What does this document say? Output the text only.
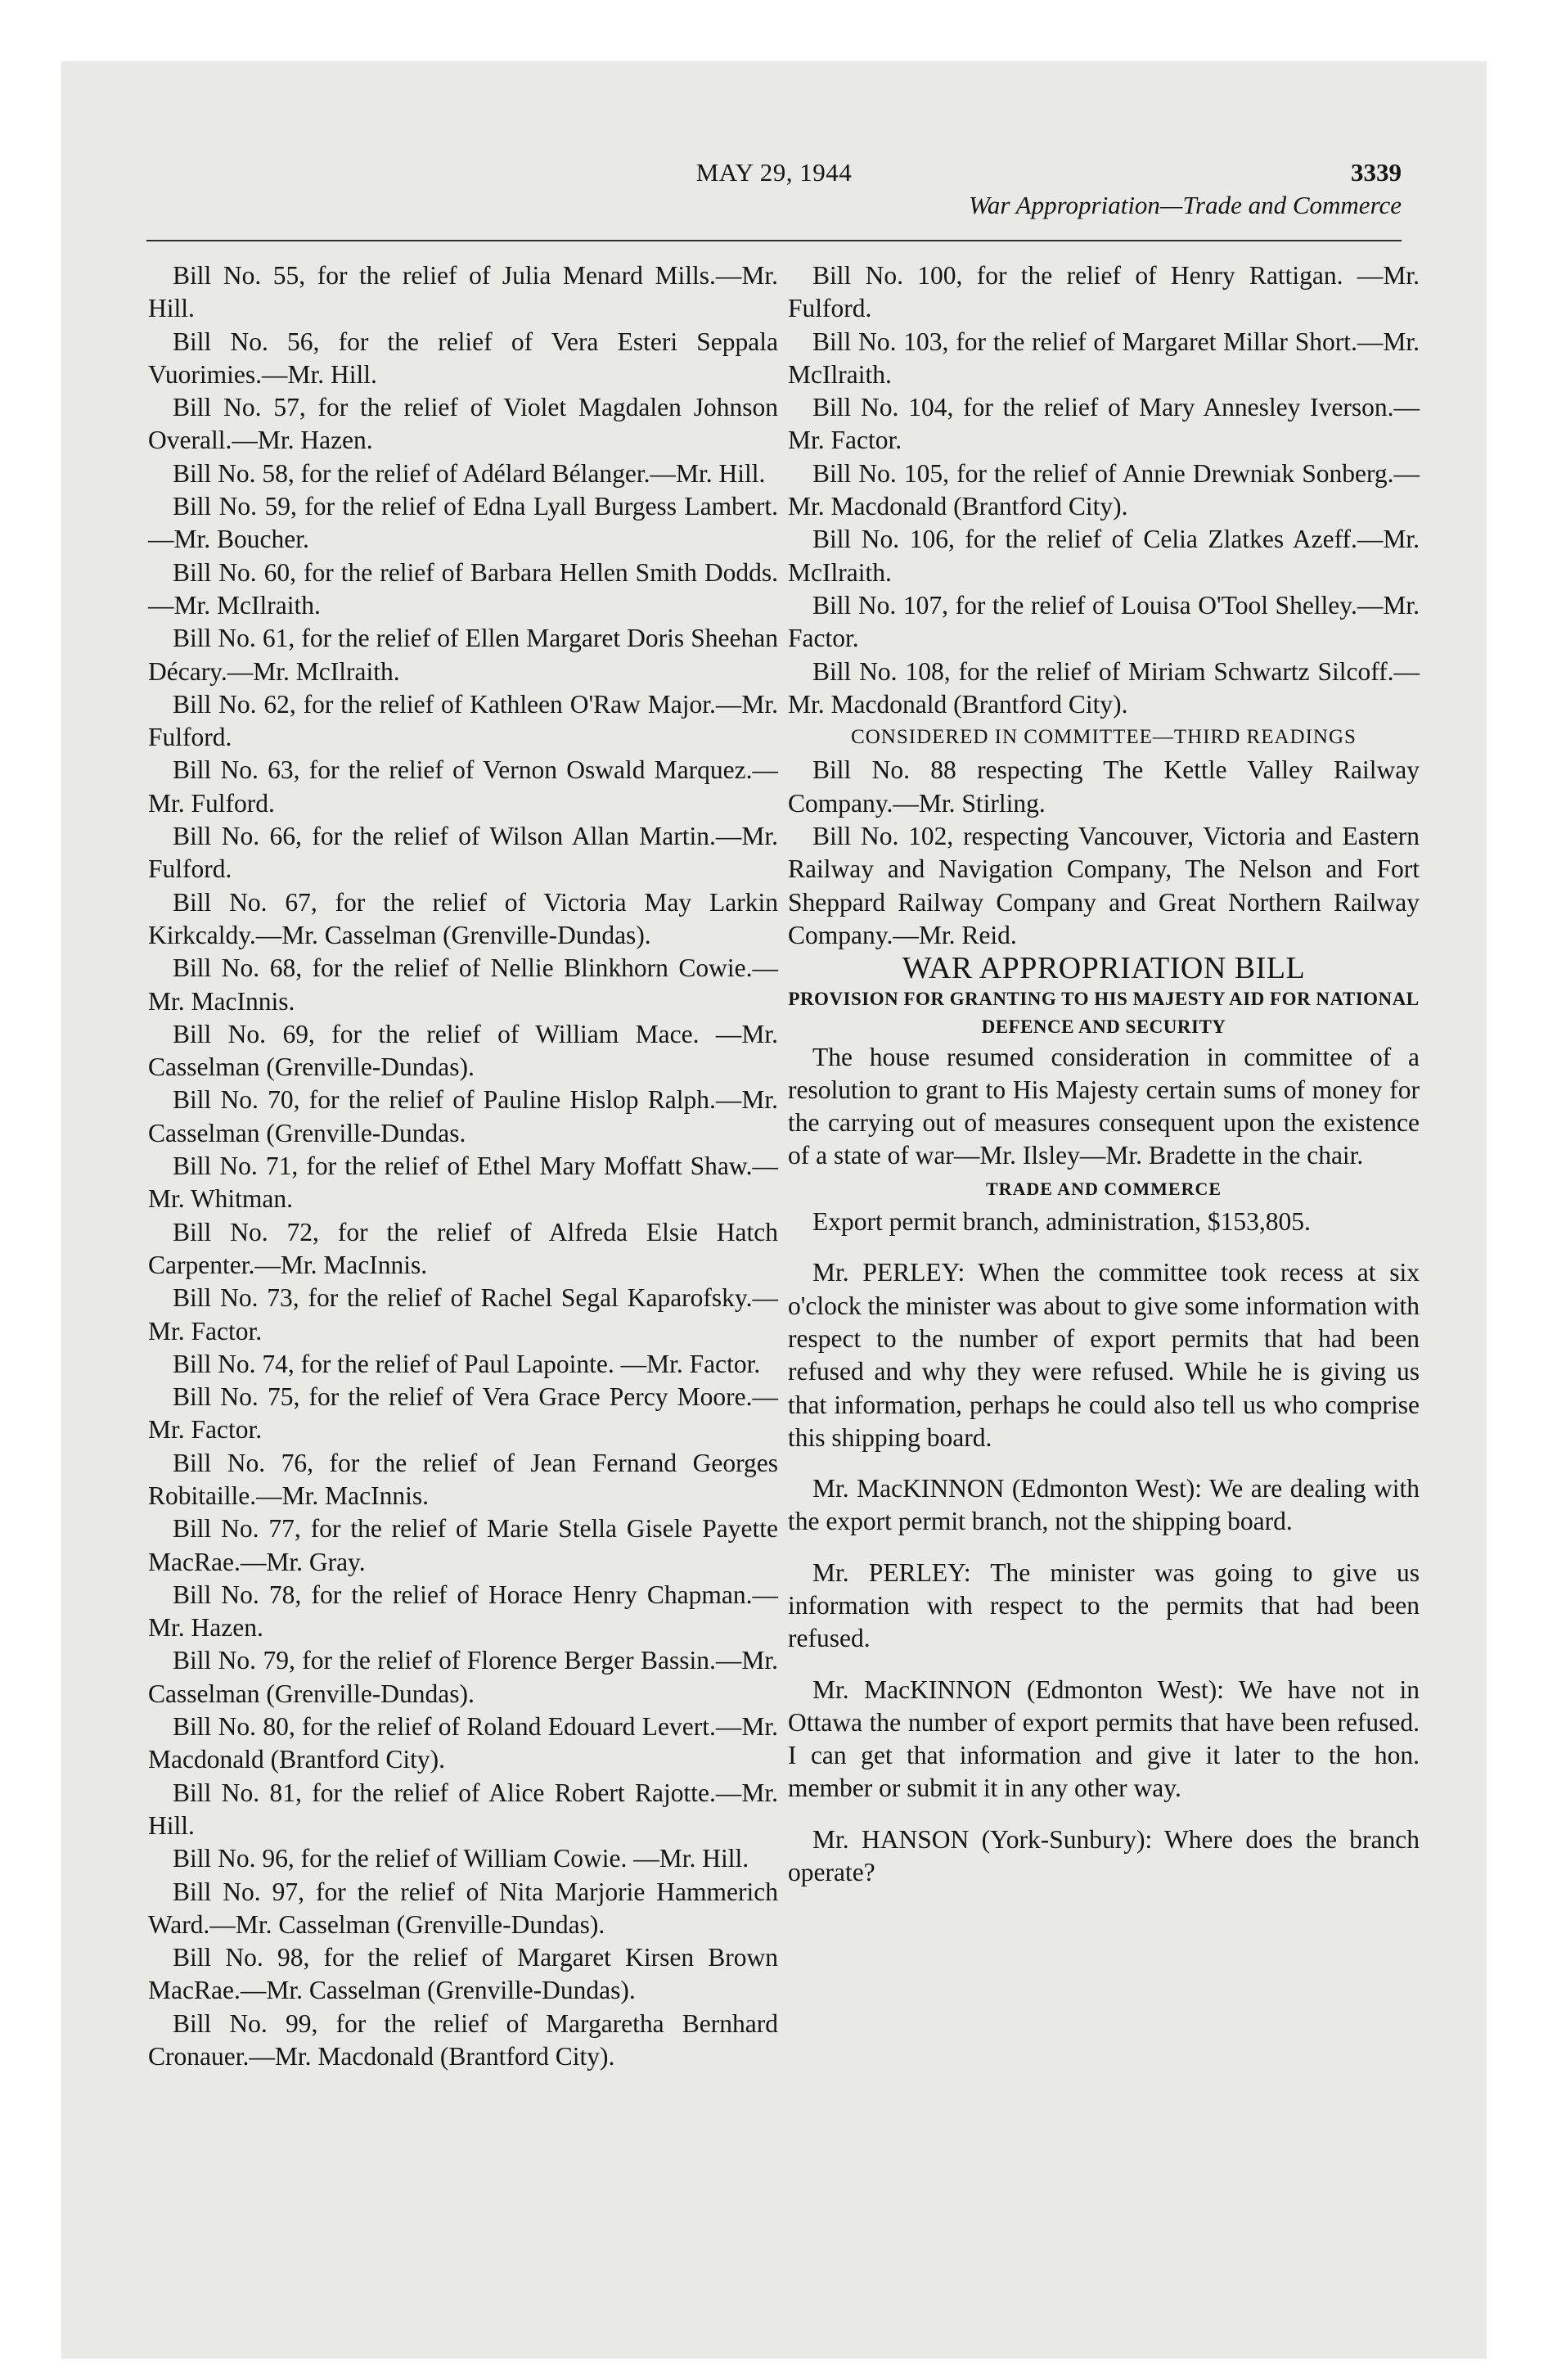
MAY 29, 1944	3339
War Appropriation—Trade and Commerce

Bill No. 55, for the relief of Julia Menard Mills.—Mr. Hill.

Bill No. 56, for the relief of Vera Esteri Seppala Vuorimies.—Mr. Hill.

Bill No. 57, for the relief of Violet Magdalen Johnson Overall.—Mr. Hazen.

Bill No. 58, for the relief of Adélard Bélanger.—Mr. Hill.

Bill No. 59, for the relief of Edna Lyall Burgess Lambert.—Mr. Boucher.

Bill No. 60, for the relief of Barbara Hellen Smith Dodds.—Mr. McIlraith.

Bill No. 61, for the relief of Ellen Margaret Doris Sheehan Décary.—Mr. McIlraith.

Bill No. 62, for the relief of Kathleen O'Raw Major.—Mr. Fulford.

Bill No. 63, for the relief of Vernon Oswald Marquez.—Mr. Fulford.

Bill No. 66, for the relief of Wilson Allan Martin.—Mr. Fulford.

Bill No. 67, for the relief of Victoria May Larkin Kirkcaldy.—Mr. Casselman (Grenville-Dundas).

Bill No. 68, for the relief of Nellie Blinkhorn Cowie.—Mr. MacInnis.

Bill No. 69, for the relief of William Mace. —Mr. Casselman (Grenville-Dundas).

Bill No. 70, for the relief of Pauline Hislop Ralph.—Mr. Casselman (Grenville-Dundas.

Bill No. 71, for the relief of Ethel Mary Moffatt Shaw.—Mr. Whitman.

Bill No. 72, for the relief of Alfreda Elsie Hatch Carpenter.—Mr. MacInnis.

Bill No. 73, for the relief of Rachel Segal Kaparofsky.—Mr. Factor.

Bill No. 74, for the relief of Paul Lapointe. —Mr. Factor.

Bill No. 75, for the relief of Vera Grace Percy Moore.—Mr. Factor.

Bill No. 76, for the relief of Jean Fernand Georges Robitaille.—Mr. MacInnis.

Bill No. 77, for the relief of Marie Stella Gisele Payette MacRae.—Mr. Gray.

Bill No. 78, for the relief of Horace Henry Chapman.—Mr. Hazen.

Bill No. 79, for the relief of Florence Berger Bassin.—Mr. Casselman (Grenville-Dundas).

Bill No. 80, for the relief of Roland Edouard Levert.—Mr. Macdonald (Brantford City).

Bill No. 81, for the relief of Alice Robert Rajotte.—Mr. Hill.

Bill No. 96, for the relief of William Cowie. —Mr. Hill.

Bill No. 97, for the relief of Nita Marjorie Hammerich Ward.—Mr. Casselman (Grenville-Dundas).

Bill No. 98, for the relief of Margaret Kirsen Brown MacRae.—Mr. Casselman (Grenville-Dundas).

Bill No. 99, for the relief of Margaretha Bernhard Cronauer.—Mr. Macdonald (Brantford City).

Bill No. 100, for the relief of Henry Rattigan. —Mr. Fulford.

Bill No. 103, for the relief of Margaret Millar Short.—Mr. McIlraith.

Bill No. 104, for the relief of Mary Annesley Iverson.—Mr. Factor.

Bill No. 105, for the relief of Annie Drewniak Sonberg.—Mr. Macdonald (Brantford City).

Bill No. 106, for the relief of Celia Zlatkes Azeff.—Mr. McIlraith.

Bill No. 107, for the relief of Louisa O'Tool Shelley.—Mr. Factor.

Bill No. 108, for the relief of Miriam Schwartz Silcoff.—Mr. Macdonald (Brantford City).

CONSIDERED IN COMMITTEE—THIRD READINGS

Bill No. 88 respecting The Kettle Valley Railway Company.—Mr. Stirling.

Bill No. 102, respecting Vancouver, Victoria and Eastern Railway and Navigation Company, The Nelson and Fort Sheppard Railway Company and Great Northern Railway Company.—Mr. Reid.

WAR APPROPRIATION BILL

PROVISION FOR GRANTING TO HIS MAJESTY AID FOR NATIONAL DEFENCE AND SECURITY

The house resumed consideration in committee of a resolution to grant to His Majesty certain sums of money for the carrying out of measures consequent upon the existence of a state of war—Mr. Ilsley—Mr. Bradette in the chair.

TRADE AND COMMERCE

Export permit branch, administration, $153,805.

Mr. PERLEY: When the committee took recess at six o'clock the minister was about to give some information with respect to the number of export permits that had been refused and why they were refused. While he is giving us that information, perhaps he could also tell us who comprise this shipping board.

Mr. MacKINNON (Edmonton West): We are dealing with the export permit branch, not the shipping board.

Mr. PERLEY: The minister was going to give us information with respect to the permits that had been refused.

Mr. MacKINNON (Edmonton West): We have not in Ottawa the number of export permits that have been refused. I can get that information and give it later to the hon. member or submit it in any other way.

Mr. HANSON (York-Sunbury): Where does the branch operate?
